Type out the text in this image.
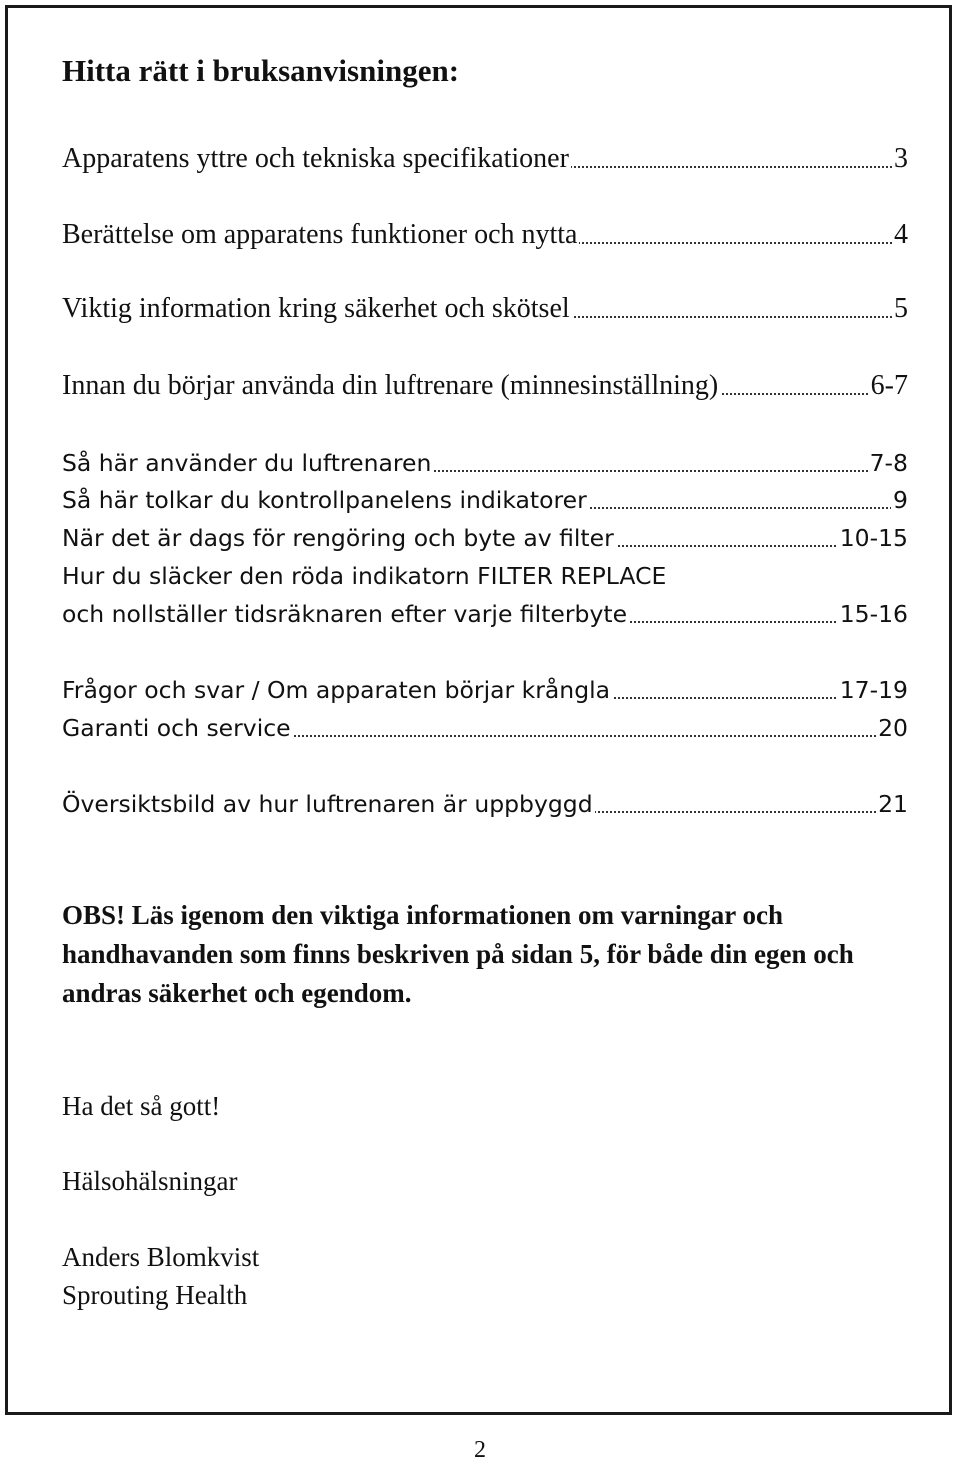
Hitta rätt i bruksanvisningen:
Apparatens yttre och tekniska specifikationer	3
Berättelse om apparatens funktioner och nytta	4
Viktig information kring säkerhet och skötsel	5
Innan du börjar använda din luftrenare (minnesinställning)	6-7
Så här använder du luftrenaren	7-8
Så här tolkar du kontrollpanelens indikatorer	9
När det är dags för rengöring och byte av filter	10-15
Hur du släcker den röda indikatorn FILTER REPLACE
och nollställer tidsräknaren efter varje filterbyte	15-16
Frågor och svar / Om apparaten börjar krångla	17-19
Garanti och service	20
Översiktsbild av hur luftrenaren är uppbyggd	21
OBS! Läs igenom den viktiga informationen om varningar och handhavanden som finns beskriven på sidan 5, för både din egen och andras säkerhet och egendom.
Ha det så gott!
Hälsohälsningar
Anders Blomkvist
Sprouting Health
2
